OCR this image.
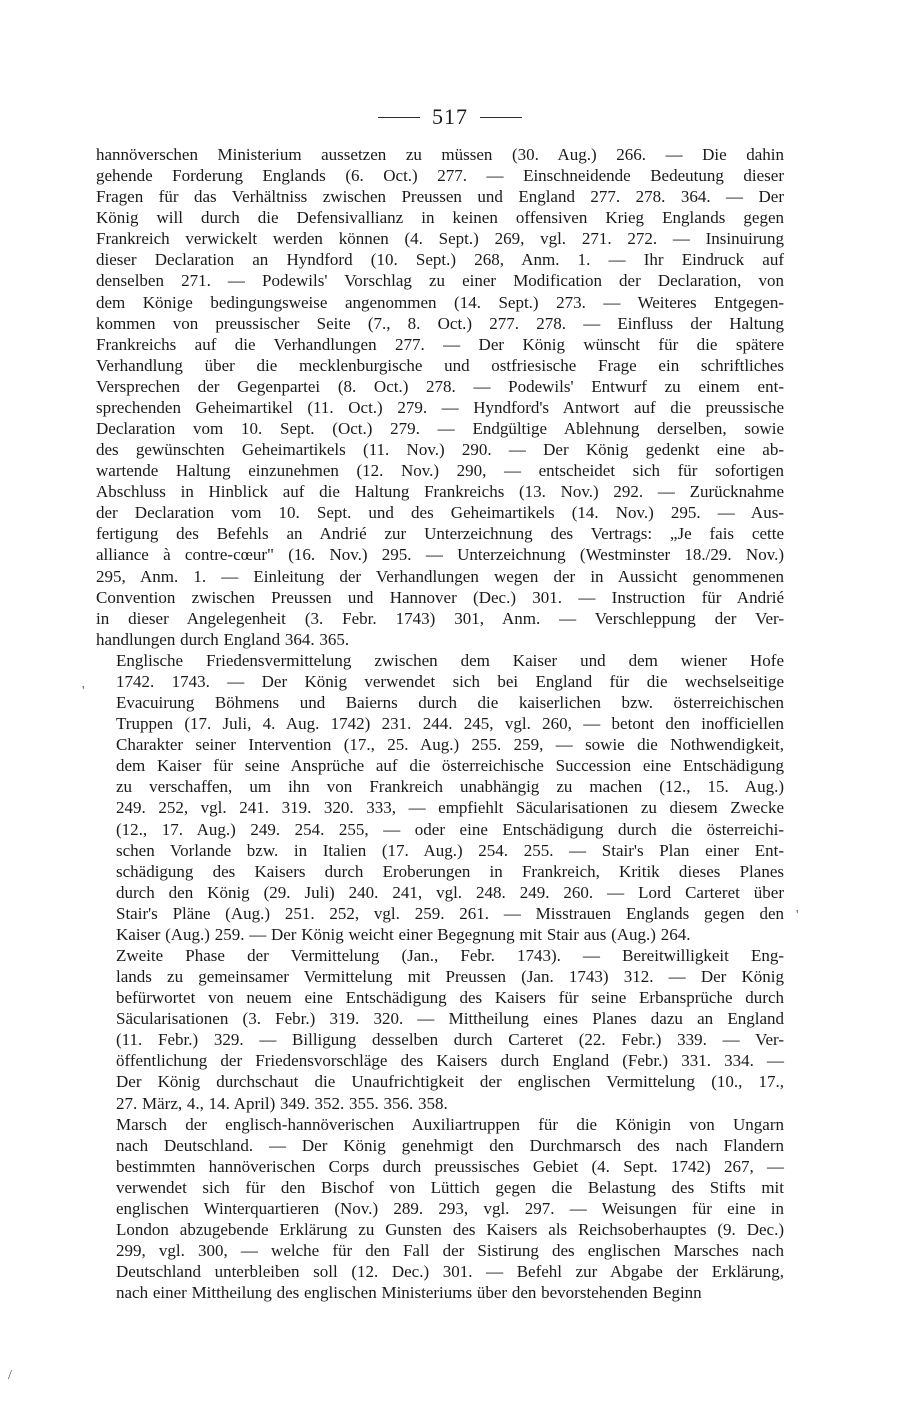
517

hannöverschen Ministerium aussetzen zu müssen (30. Aug.) 266. — Die dahin
gehende Forderung Englands (6. Oct.) 277. — Einschneidende Bedeutung dieser
Fragen für das Verhältniss zwischen Preussen und England 277. 278. 364. — Der
König will durch die Defensivallianz in keinen offensiven Krieg Englands gegen
Frankreich verwickelt werden können (4. Sept.) 269, vgl. 271. 272. — Insinuirung
dieser Declaration an Hyndford (10. Sept.) 268, Anm. 1. — Ihr Eindruck auf
denselben 271. — Podewils' Vorschlag zu einer Modification der Declaration, von
dem Könige bedingungsweise angenommen (14. Sept.) 273. — Weiteres Entgegen-
kommen von preussischer Seite (7., 8. Oct.) 277. 278. — Einfluss der Haltung
Frankreichs auf die Verhandlungen 277. — Der König wünscht für die spätere
Verhandlung über die mecklenburgische und ostfriesische Frage ein schriftliches
Versprechen der Gegenpartei (8. Oct.) 278. — Podewils' Entwurf zu einem ent-
sprechenden Geheimartikel (11. Oct.) 279. — Hyndford's Antwort auf die preussische
Declaration vom 10. Sept. (Oct.) 279. — Endgültige Ablehnung derselben, sowie
des gewünschten Geheimartikels (11. Nov.) 290. — Der König gedenkt eine ab-
wartende Haltung einzunehmen (12. Nov.) 290, — entscheidet sich für sofortigen
Abschluss in Hinblick auf die Haltung Frankreichs (13. Nov.) 292. — Zurücknahme
der Declaration vom 10. Sept. und des Geheimartikels (14. Nov.) 295. — Aus-
fertigung des Befehls an Andrié zur Unterzeichnung des Vertrags: „Je fais cette
alliance à contre-cœur" (16. Nov.) 295. — Unterzeichnung (Westminster 18./29. Nov.)
295, Anm. 1. — Einleitung der Verhandlungen wegen der in Aussicht genommenen
Convention zwischen Preussen und Hannover (Dec.) 301. — Instruction für Andrié
in dieser Angelegenheit (3. Febr. 1743) 301, Anm. — Verschleppung der Ver-
handlungen durch England 364. 365.

Englische Friedensvermittelung zwischen dem Kaiser und dem wiener Hofe
1742. 1743. — Der König verwendet sich bei England für die wechselseitige
Evacuirung Böhmens und Baierns durch die kaiserlichen bzw. österreichischen
Truppen (17. Juli, 4. Aug. 1742) 231. 244. 245, vgl. 260, — betont den inofficiellen
Charakter seiner Intervention (17., 25. Aug.) 255. 259, — sowie die Nothwendigkeit,
dem Kaiser für seine Ansprüche auf die österreichische Succession eine Entschädigung
zu verschaffen, um ihn von Frankreich unabhängig zu machen (12., 15. Aug.)
249. 252, vgl. 241. 319. 320. 333, — empfiehlt Säcularisationen zu diesem Zwecke
(12., 17. Aug.) 249. 254. 255, — oder eine Entschädigung durch die österreichi-
schen Vorlande bzw. in Italien (17. Aug.) 254. 255. — Stair's Plan einer Ent-
schädigung des Kaisers durch Eroberungen in Frankreich, Kritik dieses Planes
durch den König (29. Juli) 240. 241, vgl. 248. 249. 260. — Lord Carteret über
Stair's Pläne (Aug.) 251. 252, vgl. 259. 261. — Misstrauen Englands gegen den
Kaiser (Aug.) 259. — Der König weicht einer Begegnung mit Stair aus (Aug.) 264.

Zweite Phase der Vermittelung (Jan., Febr. 1743). — Bereitwilligkeit Eng-
lands zu gemeinsamer Vermittelung mit Preussen (Jan. 1743) 312. — Der König
befürwortet von neuem eine Entschädigung des Kaisers für seine Erbansprüche durch
Säcularisationen (3. Febr.) 319. 320. — Mittheilung eines Planes dazu an England
(11. Febr.) 329. — Billigung desselben durch Carteret (22. Febr.) 339. — Ver-
öffentlichung der Friedensvorschläge des Kaisers durch England (Febr.) 331. 334. —
Der König durchschaut die Unaufrichtigkeit der englischen Vermittelung (10., 17.,
27. März, 4., 14. April) 349. 352. 355. 356. 358.

Marsch der englisch-hannöverischen Auxiliartruppen für die Königin von Ungarn
nach Deutschland. — Der König genehmigt den Durchmarsch des nach Flandern
bestimmten hannöverischen Corps durch preussisches Gebiet (4. Sept. 1742) 267, —
verwendet sich für den Bischof von Lüttich gegen die Belastung des Stifts mit
englischen Winterquartieren (Nov.) 289. 293, vgl. 297. — Weisungen für eine in
London abzugebende Erklärung zu Gunsten des Kaisers als Reichsoberhauptes (9. Dec.)
299, vgl. 300, — welche für den Fall der Sistirung des englischen Marsches nach
Deutschland unterbleiben soll (12. Dec.) 301. — Befehl zur Abgabe der Erklärung,
nach einer Mittheilung des englischen Ministeriums über den bevorstehenden Beginn

'
'
/
